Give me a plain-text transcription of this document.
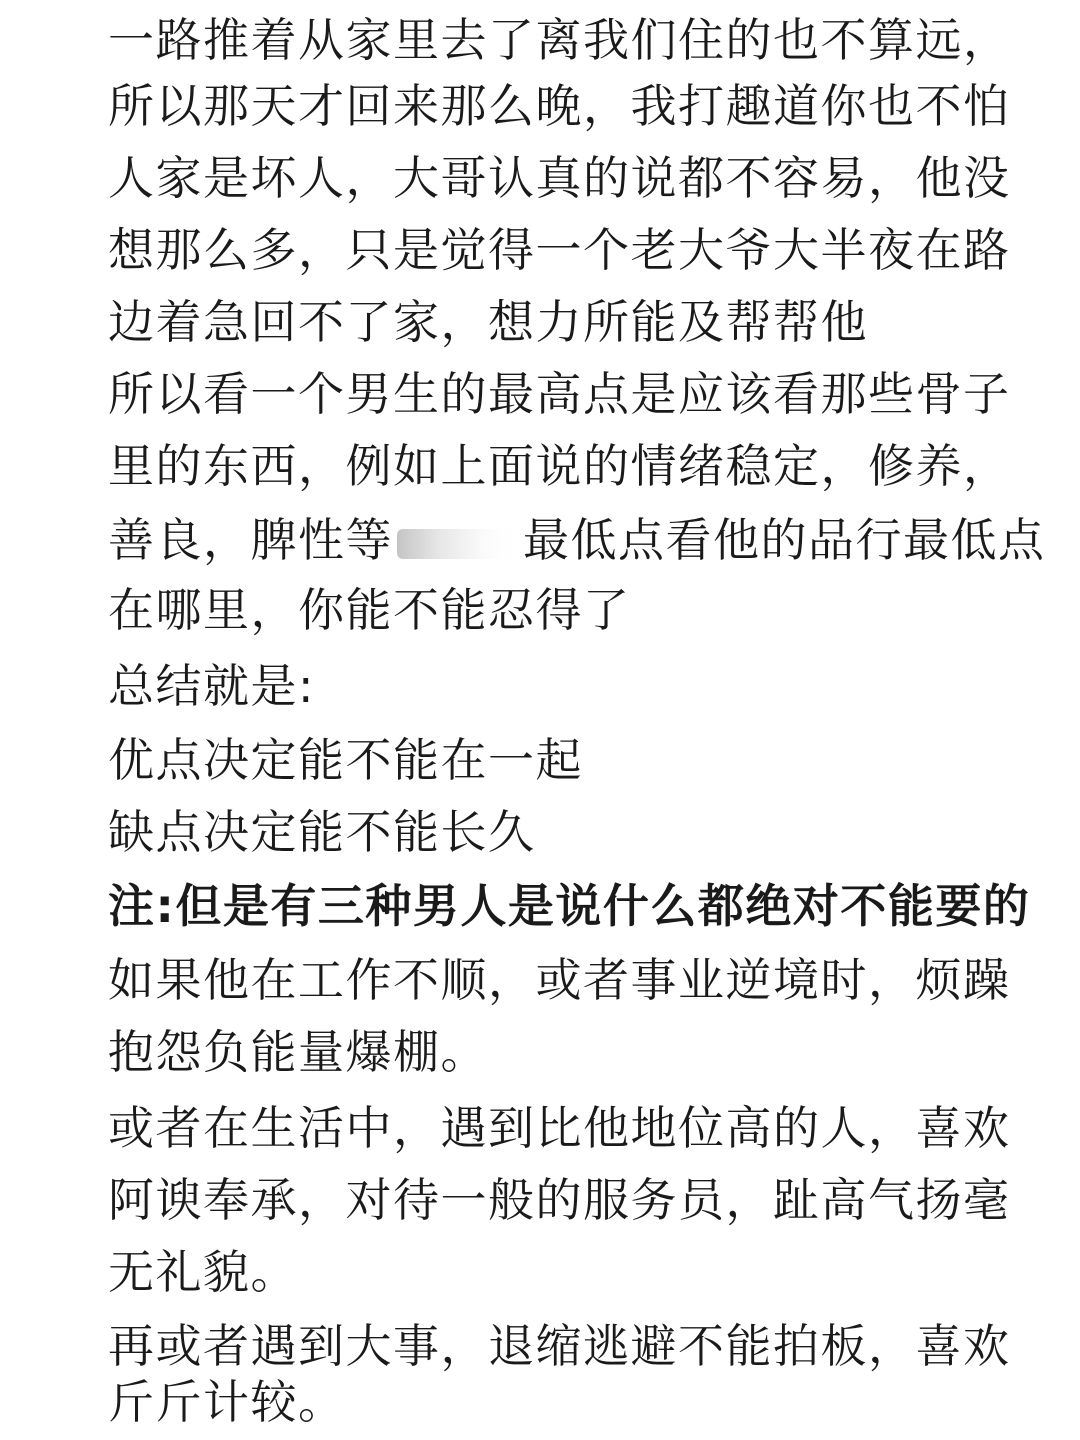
一路推着从家里去了离我们住的也不算远，
所以那天才回来那么晚，我打趣道你也不怕
人家是坏人，大哥认真的说都不容易，他没
想那么多，只是觉得一个老大爷大半夜在路
边着急回不了家，想力所能及帮帮他
所以看一个男生的最高点是应该看那些骨子
里的东西，例如上面说的情绪稳定，修养，
善良，脾性等	最低点看他的品行最低点
在哪里，你能不能忍得了
总结就是:
优点决定能不能在一起
缺点决定能不能长久
注:但是有三种男人是说什么都绝对不能要的
如果他在工作不顺，或者事业逆境时，烦躁
抱怨负能量爆棚。
或者在生活中，遇到比他地位高的人，喜欢
阿谀奉承，对待一般的服务员，趾高气扬毫
无礼貌。
再或者遇到大事，退缩逃避不能拍板，喜欢
斤斤计较。
